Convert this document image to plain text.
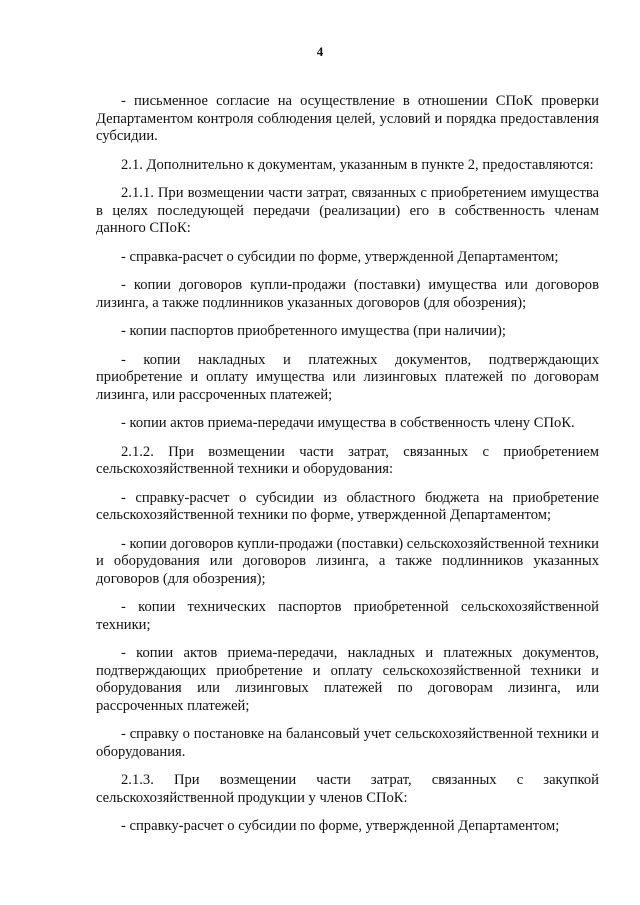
4

- письменное согласие на осуществление в отношении СПоК проверки Департаментом контроля соблюдения целей, условий и порядка предоставления субсидии.

2.1. Дополнительно к документам, указанным в пункте 2, предоставляются:

2.1.1. При возмещении части затрат, связанных с приобретением имущества в целях последующей передачи (реализации) его в собственность членам данного СПоК:

- справка-расчет о субсидии по форме, утвержденной Департаментом;

- копии договоров купли-продажи (поставки) имущества или договоров лизинга, а также подлинников указанных договоров (для обозрения);

- копии паспортов приобретенного имущества (при наличии);

- копии накладных и платежных документов, подтверждающих приобретение и оплату имущества или лизинговых платежей по договорам лизинга, или рассроченных платежей;

- копии актов приема-передачи имущества в собственность члену СПоК.

2.1.2. При возмещении части затрат, связанных с приобретением сельскохозяйственной техники и оборудования:

- справку-расчет о субсидии из областного бюджета на приобретение сельскохозяйственной техники по форме, утвержденной Департаментом;

- копии договоров купли-продажи (поставки) сельскохозяйственной техники и оборудования или договоров лизинга, а также подлинников указанных договоров (для обозрения);

- копии технических паспортов приобретенной сельскохозяйственной техники;

- копии актов приема-передачи, накладных и платежных документов, подтверждающих приобретение и оплату сельскохозяйственной техники и оборудования или лизинговых платежей по договорам лизинга, или рассроченных платежей;

- справку о постановке на балансовый учет сельскохозяйственной техники и оборудования.

2.1.3. При возмещении части затрат, связанных с закупкой сельскохозяйственной продукции у членов СПоК:

- справку-расчет о субсидии по форме, утвержденной Департаментом;
